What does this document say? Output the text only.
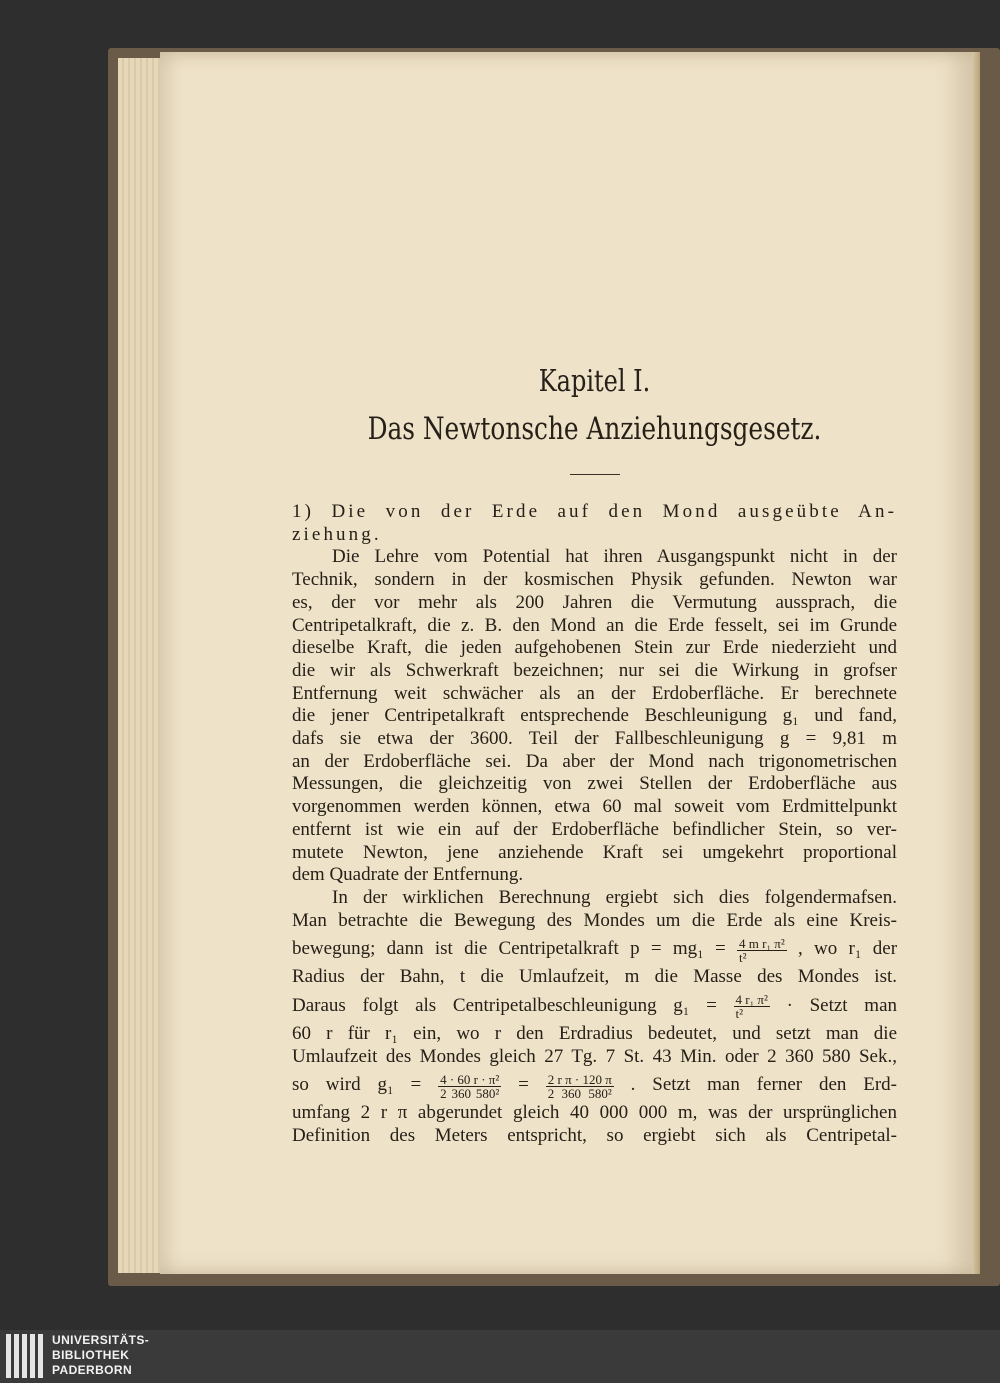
Kapitel I.
Das Newtonsche Anziehungsgesetz.

1) Die von der Erde auf den Mond ausgeübte An-
ziehung.

Die Lehre vom Potential hat ihren Ausgangspunkt nicht in der
Technik, sondern in der kosmischen Physik gefunden. Newton war
es, der vor mehr als 200 Jahren die Vermutung aussprach, die
Centripetalkraft, die z. B. den Mond an die Erde fesselt, sei im Grunde
dieselbe Kraft, die jeden aufgehobenen Stein zur Erde niederzieht und
die wir als Schwerkraft bezeichnen; nur sei die Wirkung in grofser
Entfernung weit schwächer als an der Erdoberfläche. Er berechnete
die jener Centripetalkraft entsprechende Beschleunigung g₁ und fand,
dafs sie etwa der 3600. Teil der Fallbeschleunigung g = 9,81 m
an der Erdoberfläche sei. Da aber der Mond nach trigonometrischen
Messungen, die gleichzeitig von zwei Stellen der Erdoberfläche aus
vorgenommen werden können, etwa 60 mal soweit vom Erdmittelpunkt
entfernt ist wie ein auf der Erdoberfläche befindlicher Stein, so ver-
mutete Newton, jene anziehende Kraft sei umgekehrt proportional
dem Quadrate der Entfernung.

In der wirklichen Berechnung ergiebt sich dies folgendermafsen.
Man betrachte die Bewegung des Mondes um die Erde als eine Kreis-
bewegung; dann ist die Centripetalkraft $p = mg_1 = \frac{\text{4 m r₁ π²}}{\text{t²}}$ , wo r₁ der
Radius der Bahn, t die Umlaufzeit, m die Masse des Mondes ist.
Daraus folgt als Centripetalbeschleunigung $g_1 = \frac{\text{4 r₁ π²}}{\text{t²}}$ · Setzt man
60 r für r₁ ein, wo r den Erdradius bedeutet, und setzt man die
Umlaufzeit des Mondes gleich 27 Tg. 7 St. 43 Min. oder 2 360 580 Sek.,
so wird $g_1 = \frac{\text{4 · 60 r · π²}}{\text{2 360 580²}} = \frac{\text{2 r π · 120 π}}{\text{2 360 580²}}$ . Setzt man ferner den Erd-
umfang 2 r π abgerundet gleich 40 000 000 m, was der ursprünglichen
Definition des Meters entspricht, so ergiebt sich als Centripetal-
UNIVERSITÄTS-
BIBLIOTHEK
PADERBORN
